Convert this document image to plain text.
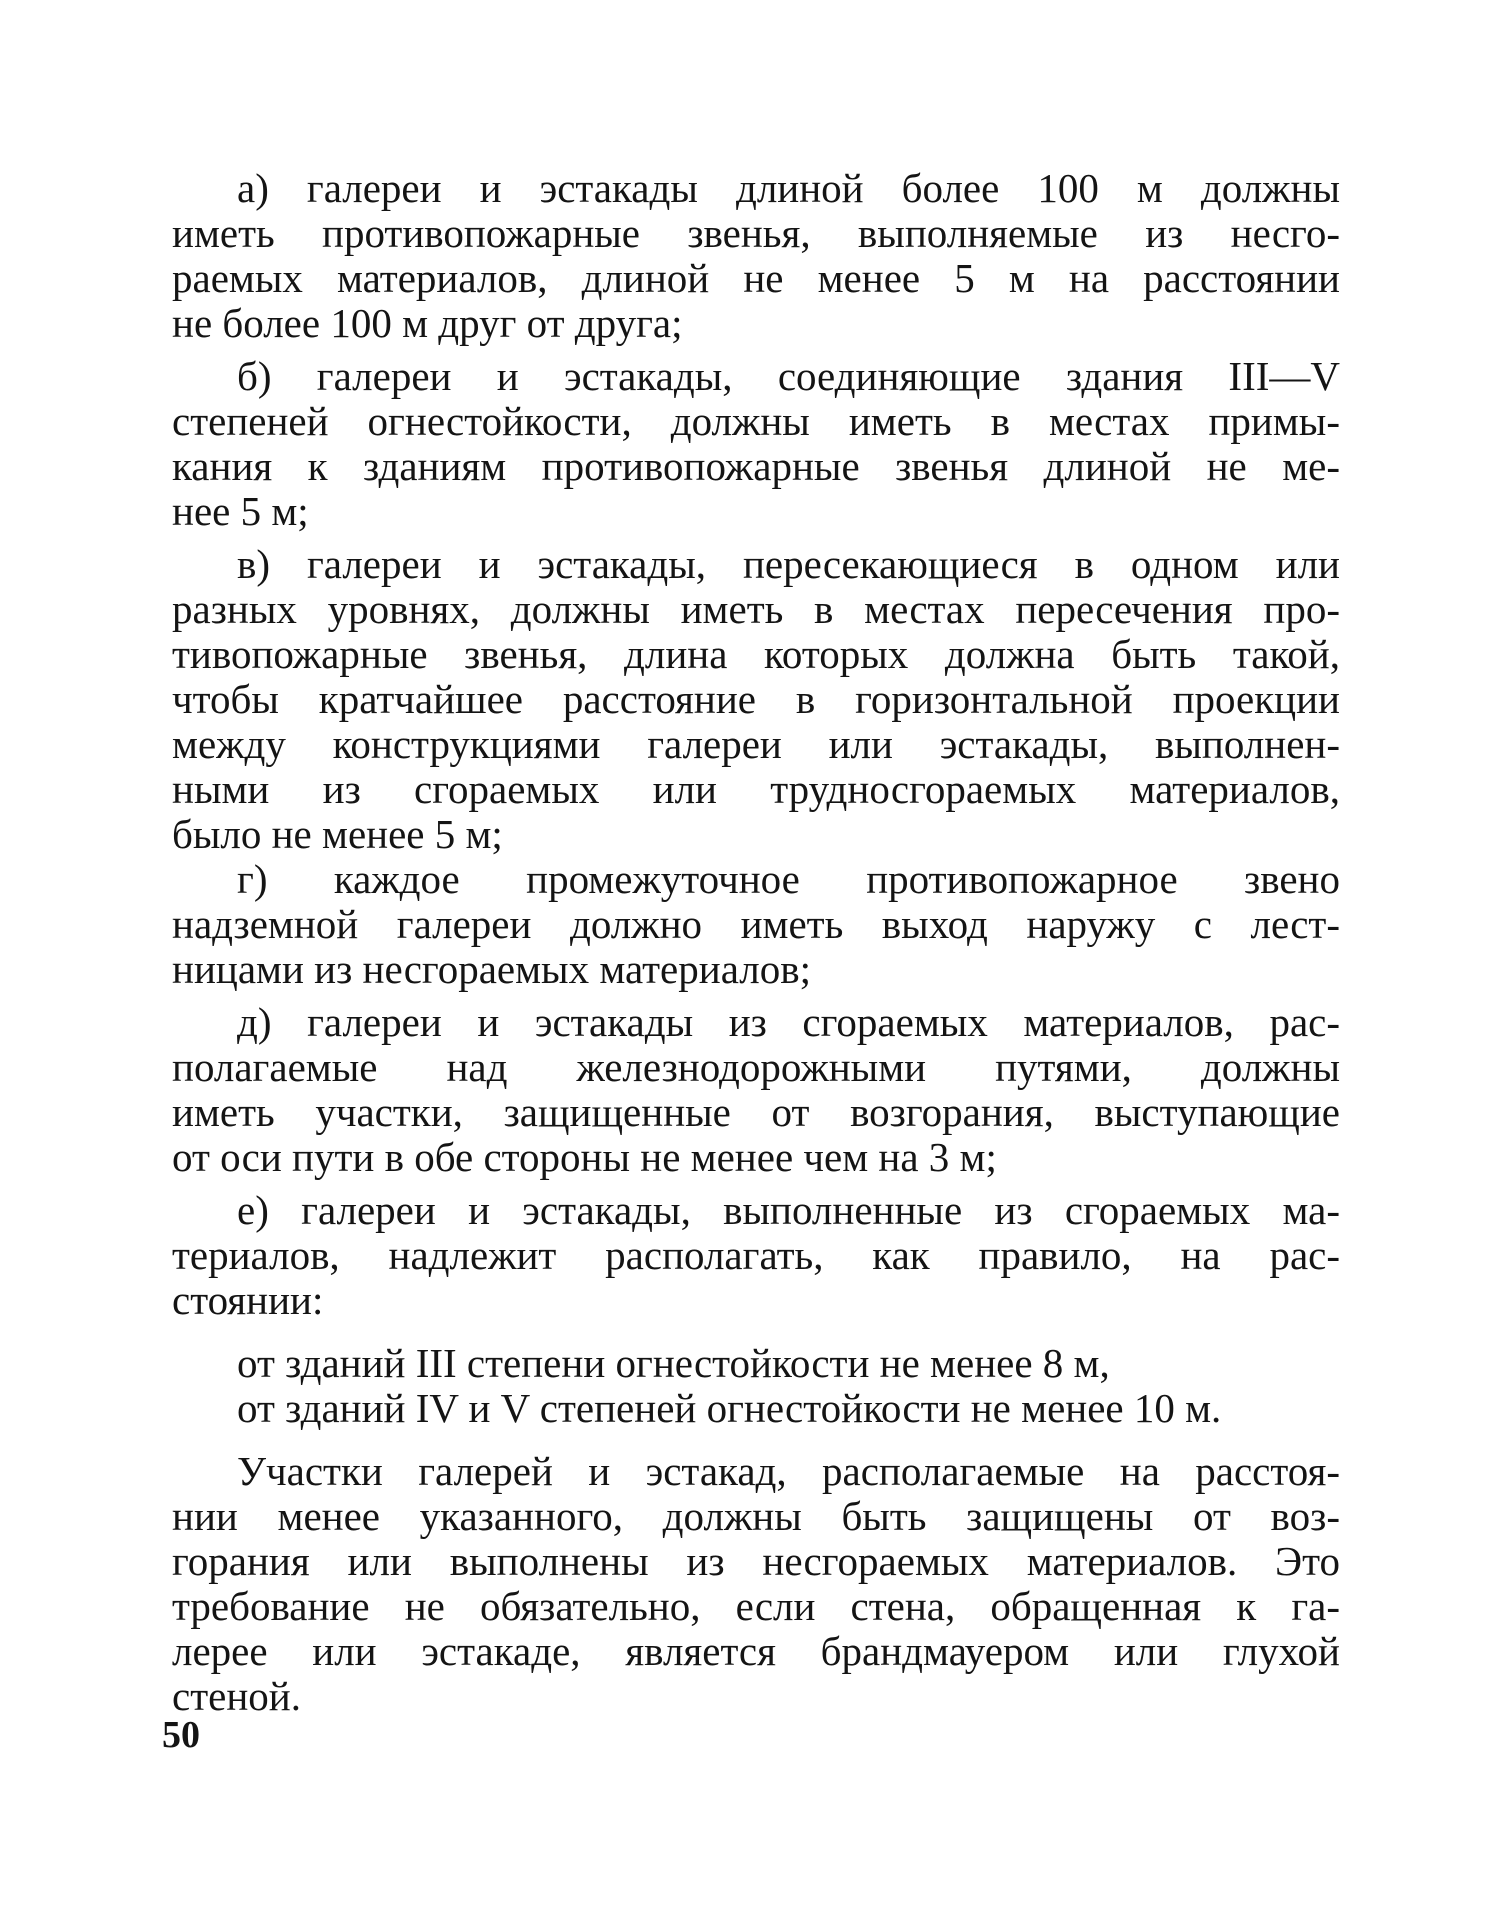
а) галереи и эстакады длиной более 100 м должны
иметь противопожарные звенья, выполняемые из несго-
раемых материалов, длиной не менее 5 м на расстоянии
не более 100 м друг от друга;
б) галереи и эстакады, соединяющие здания III—V
степеней огнестойкости, должны иметь в местах примы-
кания к зданиям противопожарные звенья длиной не ме-
нее 5 м;
в) галереи и эстакады, пересекающиеся в одном или
разных уровнях, должны иметь в местах пересечения про-
тивопожарные звенья, длина которых должна быть такой,
чтобы кратчайшее расстояние в горизонтальной проекции
между конструкциями галереи или эстакады, выполнен-
ными из сгораемых или трудносгораемых материалов,
было не менее 5 м;
г) каждое промежуточное противопожарное звено
надземной галереи должно иметь выход наружу с лест-
ницами из несгораемых материалов;
д) галереи и эстакады из сгораемых материалов, рас-
полагаемые над железнодорожными путями, должны
иметь участки, защищенные от возгорания, выступающие
от оси пути в обе стороны не менее чем на 3 м;
е) галереи и эстакады, выполненные из сгораемых ма-
териалов, надлежит располагать, как правило, на рас-
стоянии:
от зданий III степени огнестойкости не менее 8 м,
от зданий IV и V степеней огнестойкости не менее 10 м.
Участки галерей и эстакад, располагаемые на расстоя-
нии менее указанного, должны быть защищены от воз-
горания или выполнены из несгораемых материалов. Это
требование не обязательно, если стена, обращенная к га-
лерее или эстакаде, является брандмауером или глухой
стеной.
50
